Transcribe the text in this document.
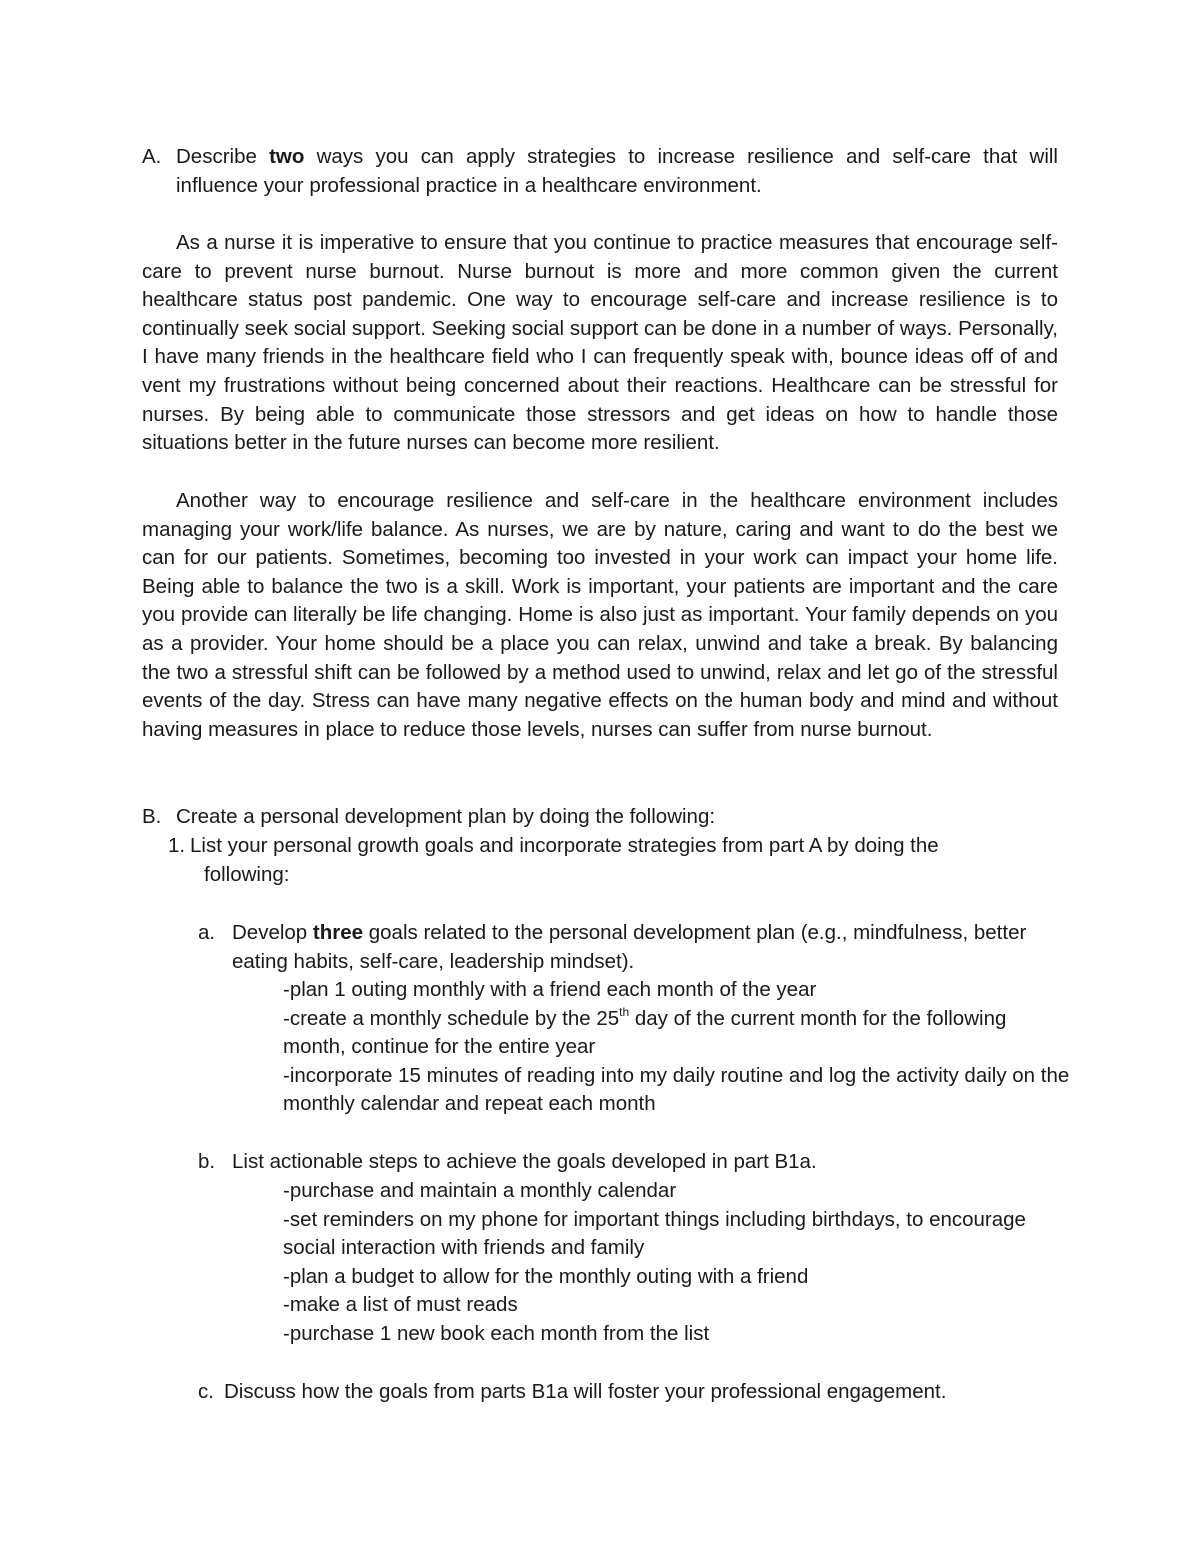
A. Describe two ways you can apply strategies to increase resilience and self-care that will influence your professional practice in a healthcare environment.

As a nurse it is imperative to ensure that you continue to practice measures that encourage self-care to prevent nurse burnout. Nurse burnout is more and more common given the current healthcare status post pandemic. One way to encourage self-care and increase resilience is to continually seek social support. Seeking social support can be done in a number of ways. Personally, I have many friends in the healthcare field who I can frequently speak with, bounce ideas off of and vent my frustrations without being concerned about their reactions. Healthcare can be stressful for nurses. By being able to communicate those stressors and get ideas on how to handle those situations better in the future nurses can become more resilient.

Another way to encourage resilience and self-care in the healthcare environment includes managing your work/life balance. As nurses, we are by nature, caring and want to do the best we can for our patients. Sometimes, becoming too invested in your work can impact your home life. Being able to balance the two is a skill. Work is important, your patients are important and the care you provide can literally be life changing. Home is also just as important. Your family depends on you as a provider. Your home should be a place you can relax, unwind and take a break. By balancing the two a stressful shift can be followed by a method used to unwind, relax and let go of the stressful events of the day. Stress can have many negative effects on the human body and mind and without having measures in place to reduce those levels, nurses can suffer from nurse burnout.

B. Create a personal development plan by doing the following:
1. List your personal growth goals and incorporate strategies from part A by doing the
following:
a. Develop three goals related to the personal development plan (e.g., mindfulness, better eating habits, self-care, leadership mindset).
-plan 1 outing monthly with a friend each month of the year
-create a monthly schedule by the 25th day of the current month for the following month, continue for the entire year
-incorporate 15 minutes of reading into my daily routine and log the activity daily on the monthly calendar and repeat each month
b. List actionable steps to achieve the goals developed in part B1a.
-purchase and maintain a monthly calendar
-set reminders on my phone for important things including birthdays, to encourage social interaction with friends and family
-plan a budget to allow for the monthly outing with a friend
-make a list of must reads
-purchase 1 new book each month from the list
c. Discuss how the goals from parts B1a will foster your professional engagement.
